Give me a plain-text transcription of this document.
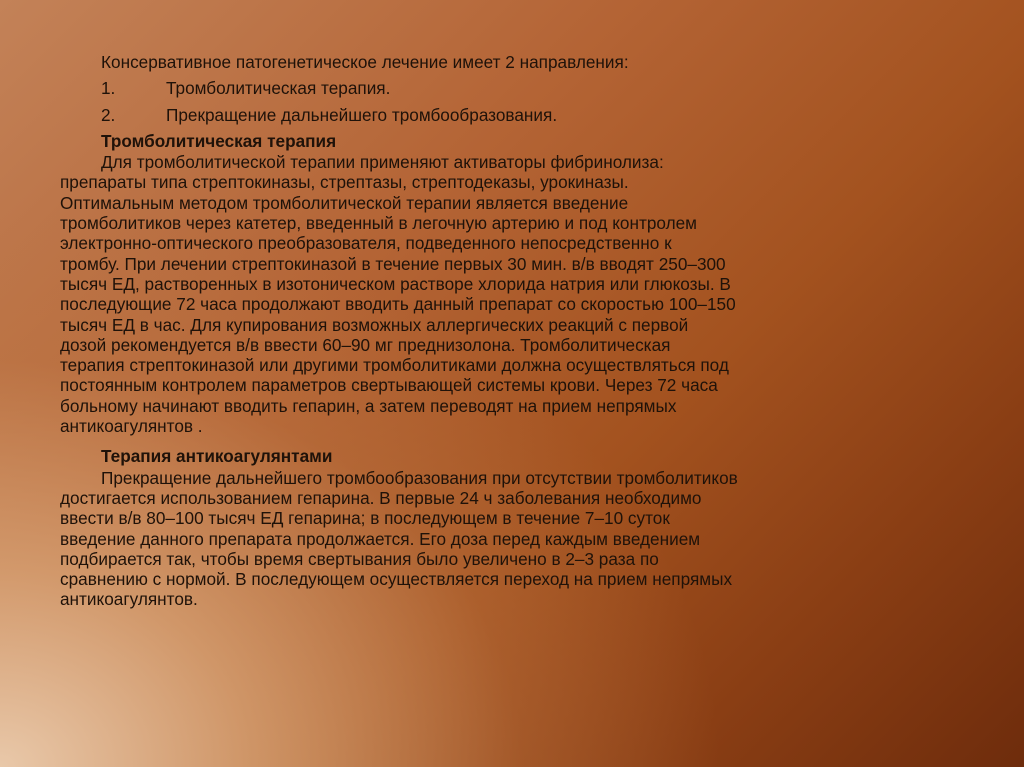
Консервативное патогенетическое лечение имеет 2 направления:

1.	Тромболитическая терапия.
2.	Прекращение дальнейшего тромбообразования.

Тромболитическая терапия

Для тромболитической терапии применяют активаторы фибринолиза:

препараты типа стрептокиназы, стрептазы, стрептодеказы, урокиназы.

Оптимальным методом тромболитической терапии является введение

тромболитиков через катетер, введенный в легочную артерию и под контролем

электронно-оптического преобразователя, подведенного непосредственно к

тромбу. При лечении стрептокиназой в течение первых 30 мин. в/в вводят 250–300

тысяч ЕД, растворенных в изотоническом растворе хлорида натрия или глюкозы. В

последующие 72 часа продолжают вводить данный препарат со скоростью 100–150

тысяч ЕД в час. Для купирования возможных аллергических реакций с первой

дозой рекомендуется в/в ввести 60–90 мг преднизолона. Тромболитическая

терапия стрептокиназой или другими тромболитиками должна осуществляться под

постоянным контролем параметров свертывающей системы крови. Через 72 часа

больному начинают вводить гепарин, а затем переводят на прием непрямых

антикоагулянтов .

Терапия антикоагулянтами

Прекращение дальнейшего тромбообразования при отсутствии тромболитиков

достигается использованием гепарина. В первые 24 ч заболевания необходимо

ввести в/в 80–100 тысяч ЕД гепарина; в последующем в течение 7–10 суток

введение данного препарата продолжается. Его доза перед каждым введением

подбирается так, чтобы время свертывания было увеличено в 2–3 раза по

сравнению с нормой. В последующем осуществляется переход на прием непрямых

антикоагулянтов.
